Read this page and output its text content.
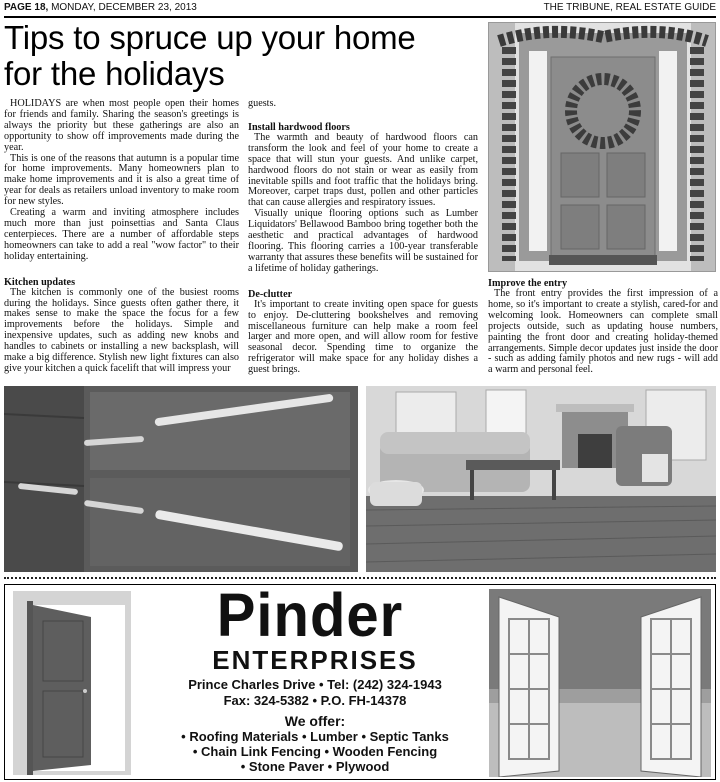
PAGE 18, MONDAY, DECEMBER 23, 2013	THE TRIBUNE, REAL ESTATE GUIDE
Tips to spruce up your home
for the holidays

HOLIDAYS are when most people open their homes for friends and family. Sharing the season's greetings is always the priority but these gatherings are also an opportunity to show off improvements made during the year.

This is one of the reasons that autumn is a popular time for home improvements. Many homeowners plan to make home improvements and it is also a great time of year for deals as retailers unload inventory to make room for new styles.

Creating a warm and inviting atmosphere includes much more than just poinsettias and Santa Claus centerpieces. There are a number of affordable steps homeowners can take to add a real "wow factor" to their holiday entertaining.

Kitchen updates

The kitchen is commonly one of the busiest rooms during the holidays. Since guests often gather there, it makes sense to make the space the focus for a few improvements before the holidays. Simple and inexpensive updates, such as adding new knobs and handles to cabinets or installing a new backsplash, will make a big difference. Stylish new light fixtures can also give your kitchen a quick facelift that will impress your

guests.

Install hardwood floors

The warmth and beauty of hardwood floors can transform the look and feel of your home to create a space that will stun your guests. And unlike carpet, hardwood floors do not stain or wear as easily from inevitable spills and foot traffic that the holidays bring. Moreover, carpet traps dust, pollen and other particles that can cause allergies and respiratory issues.

Visually unique flooring options such as Lumber Liquidators' Bellawood Bamboo bring together both the aesthetic and practical advantages of hardwood flooring. This flooring carries a 100-year transferable warranty that assures these benefits will be sustained for a lifetime of holiday gatherings.

De-clutter

It's important to create inviting open space for guests to enjoy. De-cluttering bookshelves and removing miscellaneous furniture can help make a room feel larger and more open, and will allow room for festive seasonal decor. Spending time to organize the refrigerator will make space for any holiday dishes a guest brings.

Improve the entry

The front entry provides the first impression of a home, so it's important to create a stylish, cared-for and welcoming look. Homeowners can complete small projects outside, such as updating house numbers, painting the front door and creating holiday-themed arrangements. Simple decor updates just inside the door - such as adding family photos and new rugs - will add a warm and personal feel.

Pinder
ENTERPRISES
Prince Charles Drive • Tel: (242) 324-1943
Fax: 324-5382 • P.O. FH-14378
We offer:
• Roofing Materials • Lumber • Septic Tanks
• Chain Link Fencing • Wooden Fencing
• Stone Paver • Plywood
